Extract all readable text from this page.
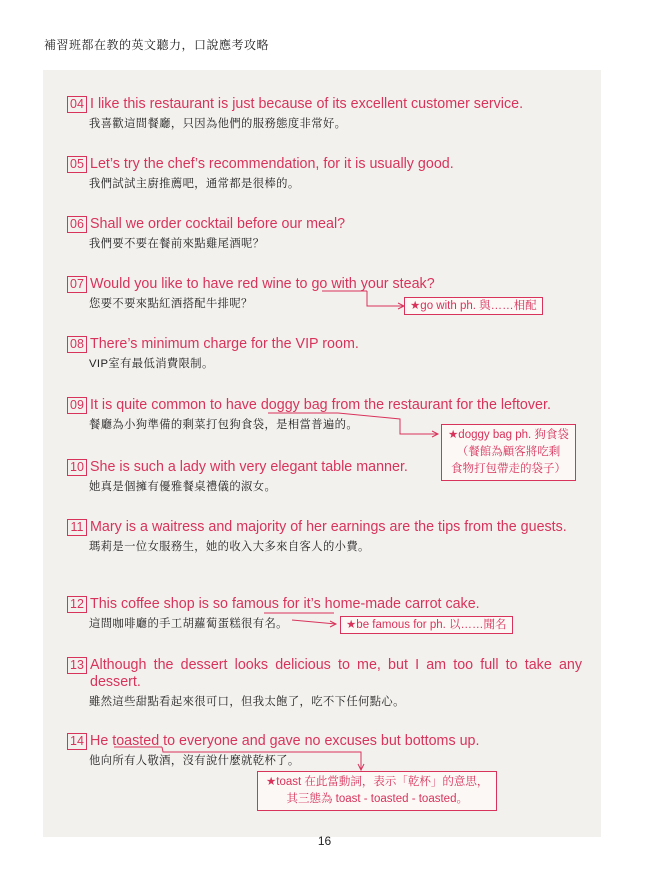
補習班都在教的英文聽力，口說應考攻略
04 I like this restaurant is just because of its excellent customer service.
我喜歡這間餐廳，只因為他們的服務態度非常好。
05 Let’s try the chef’s recommendation, for it is usually good.
我們試試主廚推薦吧，通常都是很棒的。
06 Shall we order cocktail before our meal?
我們要不要在餐前來點雞尾酒呢？
07 Would you like to have red wine to go with your steak?
您要不要來點紅酒搭配牛排呢？
08 There’s minimum charge for the VIP room.
VIP室有最低消費限制。
09 It is quite common to have doggy bag from the restaurant for the leftover.
餐廳為小狗準備的剩菜打包狗食袋，是相當普遍的。
10 She is such a lady with very elegant table manner.
她真是個擁有優雅餐桌禮儀的淑女。
11 Mary is a waitress and majority of her earnings are the tips from the guests.
瑪莉是一位女服務生，她的收入大多來自客人的小費。
12 This coffee shop is so famous for it’s home-made carrot cake.
這間咖啡廳的手工胡蘿蔔蛋糕很有名。
13 Although the dessert looks delicious to me, but I am too full to take any dessert.
雖然這些甜點看起來很可口，但我太飽了，吃不下任何點心。
14 He toasted to everyone and gave no excuses but bottoms up.
他向所有人敬酒，沒有說什麼就乾杯了。
★go with ph. 與……相配
★doggy bag ph. 狗食袋
（餐館為顧客將吃剩
食物打包帶走的袋子）
★be famous for ph. 以……聞名
★toast 在此當動詞，表示「乾杯」的意思，
其三態為 toast - toasted - toasted。
16
